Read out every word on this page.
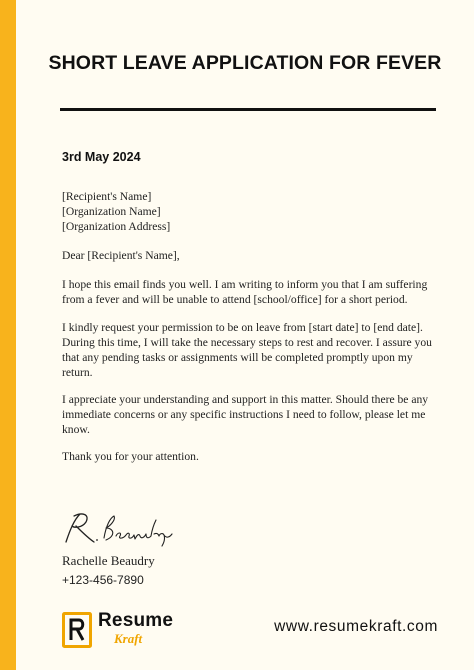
SHORT LEAVE APPLICATION FOR FEVER
3rd May 2024
[Recipient's Name]
[Organization Name]
[Organization Address]
Dear [Recipient's Name],
I hope this email finds you well. I am writing to inform you that I am suffering
from a fever and will be unable to attend [school/office] for a short period.
I kindly request your permission to be on leave from [start date] to [end date].
During this time, I will take the necessary steps to rest and recover. I assure you
that any pending tasks or assignments will be completed promptly upon my
return.
I appreciate your understanding and support in this matter. Should there be any
immediate concerns or any specific instructions I need to follow, please let me
know.
Thank you for your attention.
Rachelle Beaudry
+123-456-7890
Resume
Kraft
www.resumekraft.com
